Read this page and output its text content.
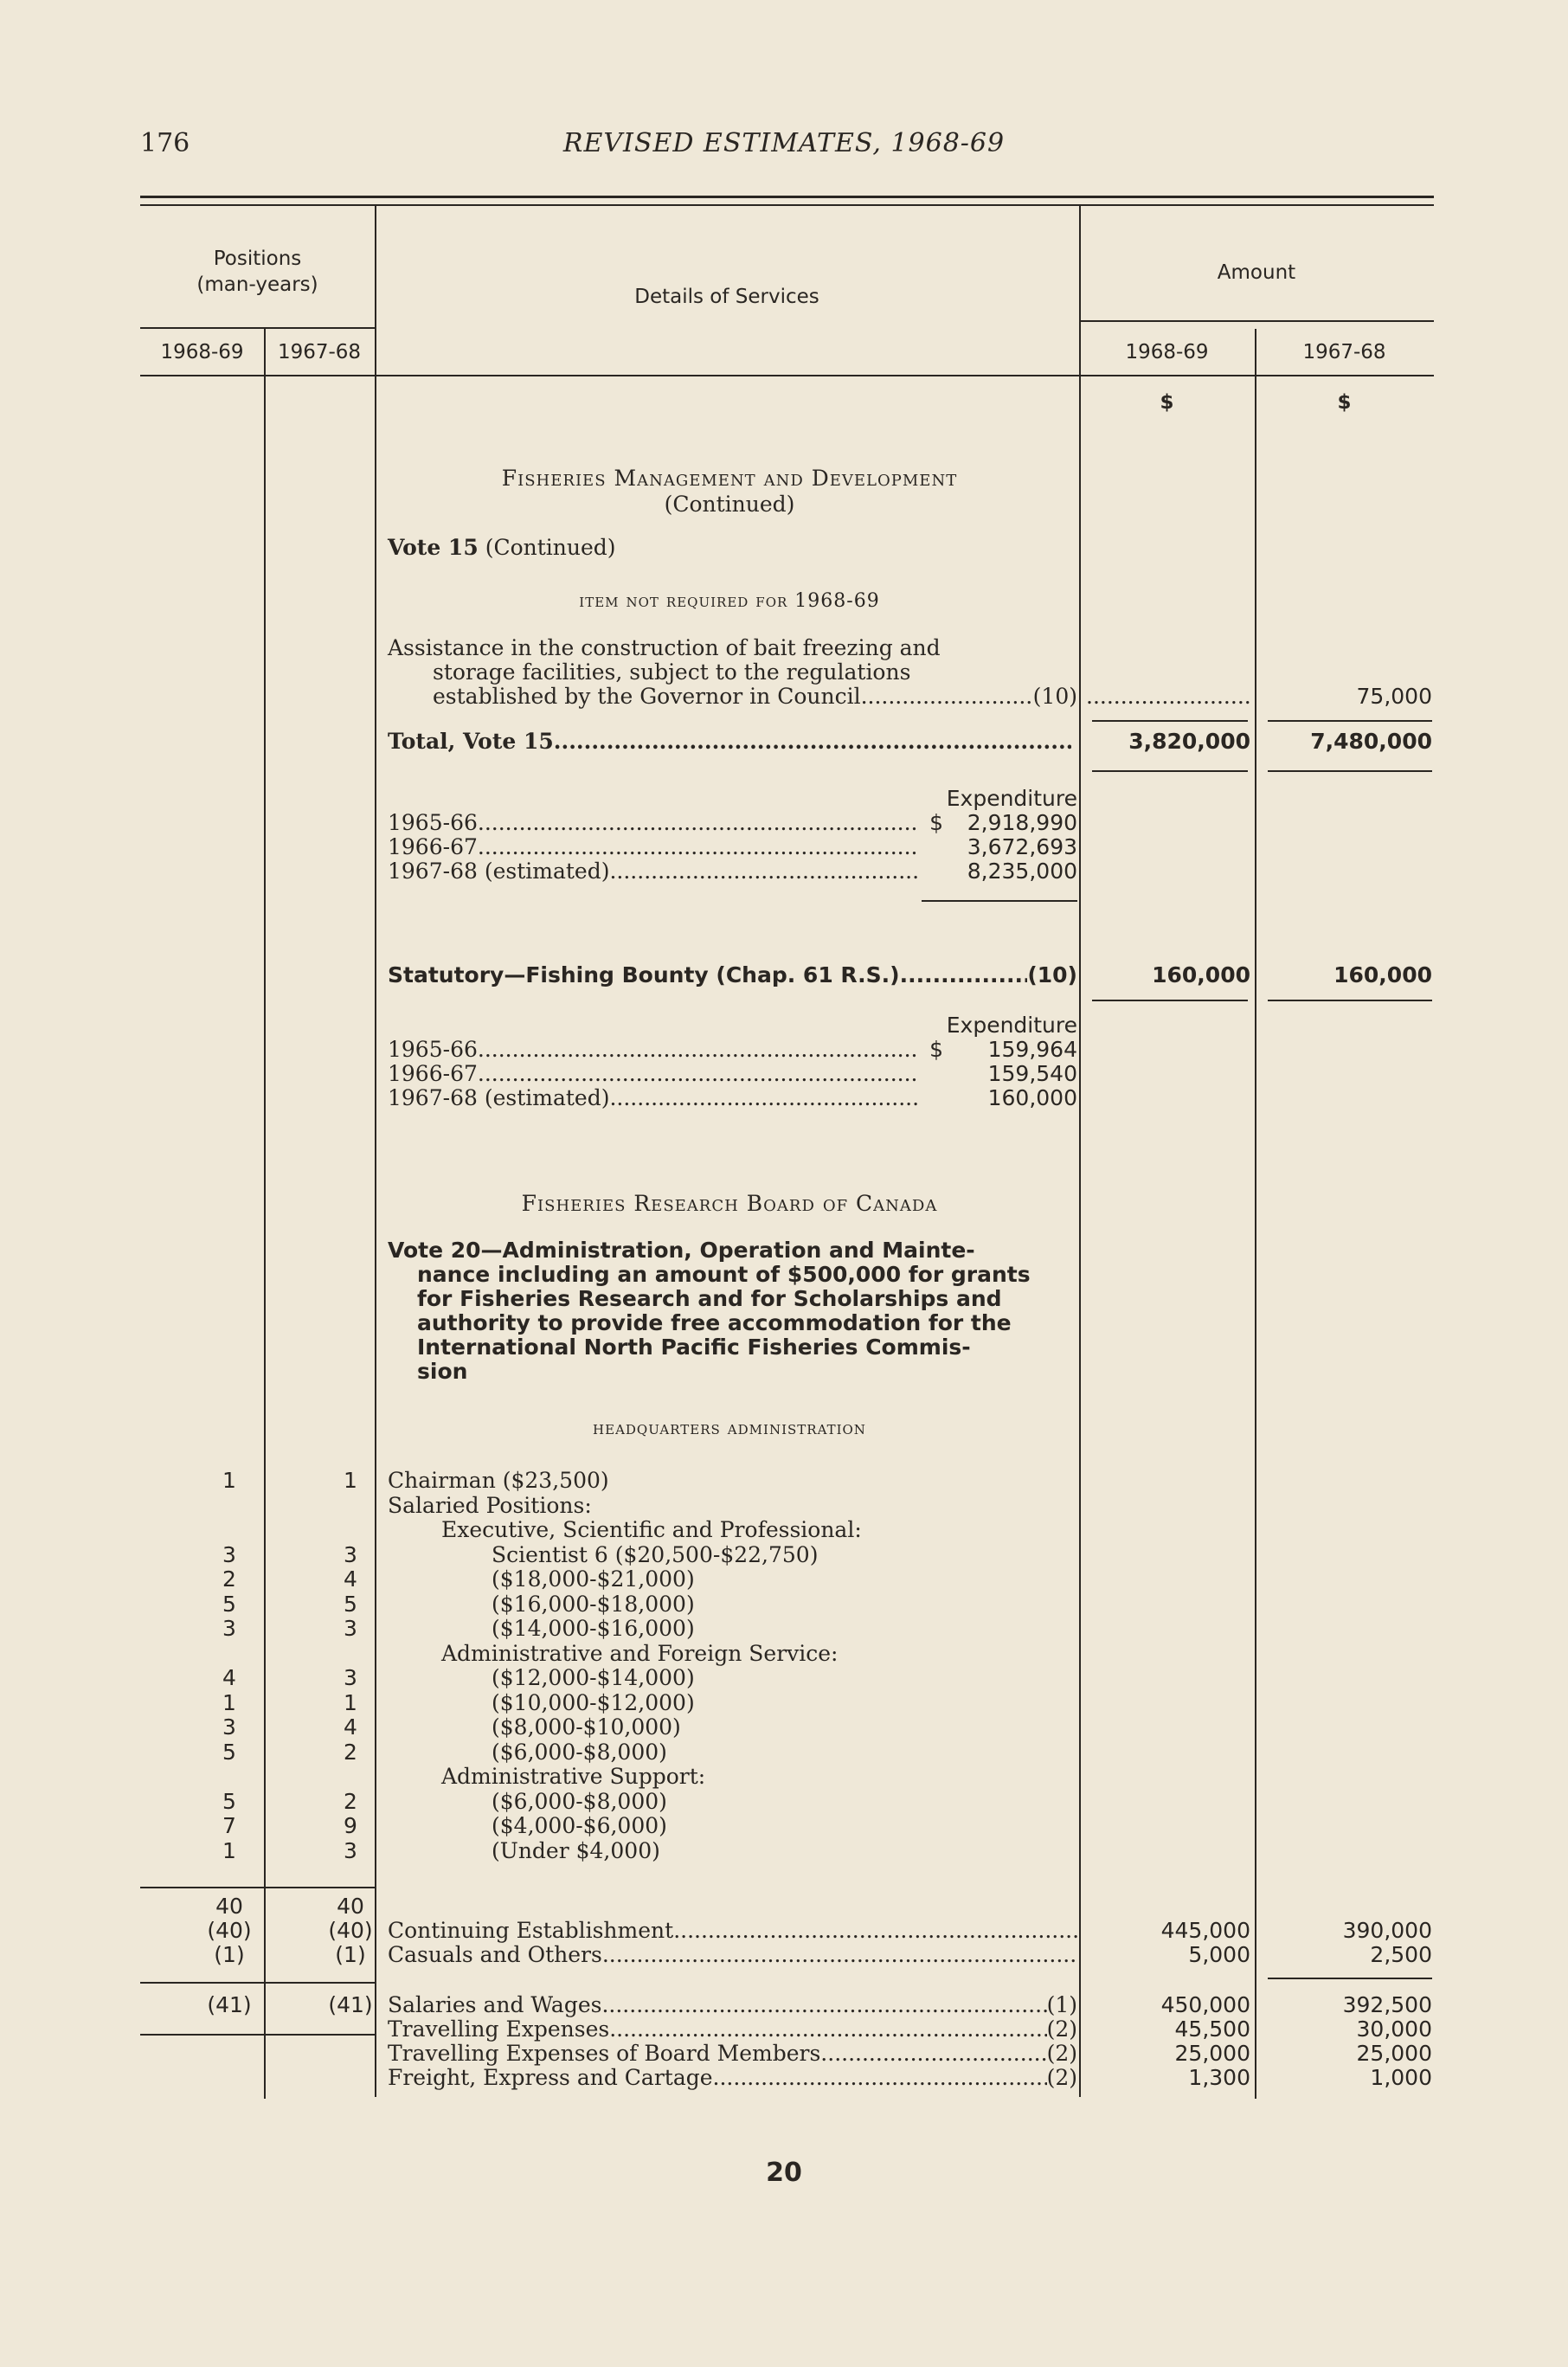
176	REVISED ESTIMATES, 1968-69
Positions
(man-years)
Details of Services
Amount
1968-69	1967-68	1968-69	1967-68
$	$
Fisheries Management and Development
(Continued)
Vote 15 (Continued)
item not required for 1968-69
Assistance in the construction of bait freezing and
storage facilities, subject to the regulations
established by the Governor in Council .....	(10) .....	75,000
Total, Vote 15 .....	3,820,000	7,480,000
Expenditure
1965-66 .....	$	2,918,990
1966-67 .....	3,672,693
1967-68 (estimated) .....	8,235,000
Statutory—Fishing Bounty (Chap. 61 R.S.) .....	(10)	160,000	160,000
Expenditure
1965-66 .....	$	159,964
1966-67 .....	159,540
1967-68 (estimated) .....	160,000
Fisheries Research Board of Canada
Vote 20—Administration, Operation and Mainte-
nance including an amount of $500,000 for grants
for Fisheries Research and for Scholarships and
authority to provide free accommodation for the
International North Pacific Fisheries Commis-
sion
headquarters administration
1	1	Chairman ($23,500)
Salaried Positions:
Executive, Scientific and Professional:
3	3	Scientist 6 ($20,500-$22,750)
2	4	($18,000-$21,000)
5	5	($16,000-$18,000)
3	3	($14,000-$16,000)
Administrative and Foreign Service:
4	3	($12,000-$14,000)
1	1	($10,000-$12,000)
3	4	($8,000-$10,000)
5	2	($6,000-$8,000)
Administrative Support:
5	2	($6,000-$8,000)
7	9	($4,000-$6,000)
1	3	(Under $4,000)
40	40
(40)	(40) Continuing Establishment .....	445,000	390,000
(1)	(1)	Casuals and Others .....	5,000	2,500
(41)	(41) Salaries and Wages .....	(1)	450,000	392,500
Travelling Expenses .....	(2)	45,500	30,000
Travelling Expenses of Board Members .....	(2)	25,000	25,000
Freight, Express and Cartage .....	(2)	1,300	1,000
20
